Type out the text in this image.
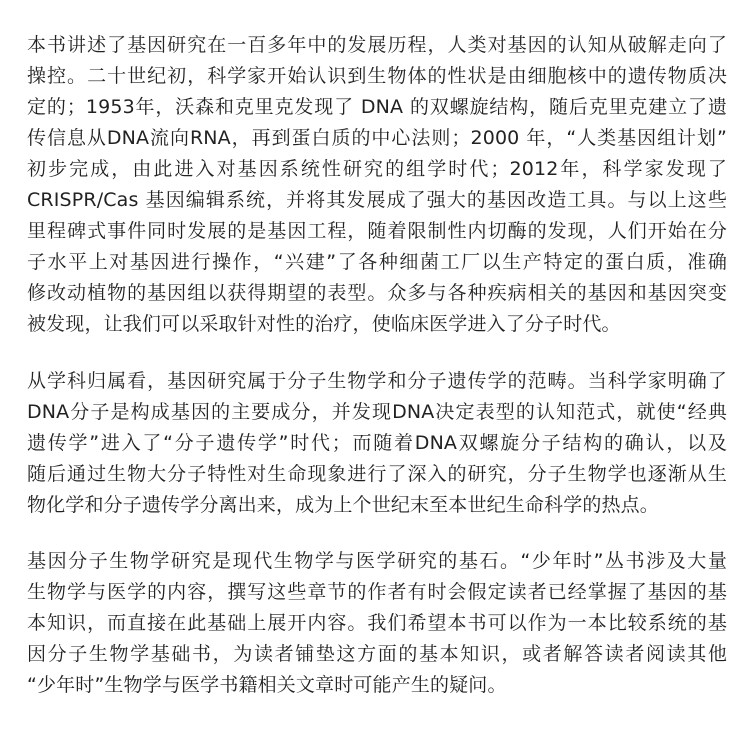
本书讲述了基因研究在一百多年中的发展历程，人类对基因的认知从破解走向了
操控。二十世纪初，科学家开始认识到生物体的性状是由细胞核中的遗传物质决
定的；1953年，沃森和克里克发现了 DNA 的双螺旋结构，随后克里克建立了遗
传信息从DNA流向RNA，再到蛋白质的中心法则；2000 年，“人类基因组计划”
初步完成，由此进入对基因系统性研究的组学时代；2012年，科学家发现了
CRISPR/Cas 基因编辑系统，并将其发展成了强大的基因改造工具。与以上这些
里程碑式事件同时发展的是基因工程，随着限制性内切酶的发现，人们开始在分
子水平上对基因进行操作，“兴建”了各种细菌工厂以生产特定的蛋白质，准确
修改动植物的基因组以获得期望的表型。众多与各种疾病相关的基因和基因突变
被发现，让我们可以采取针对性的治疗，使临床医学进入了分子时代。
从学科归属看，基因研究属于分子生物学和分子遗传学的范畴。当科学家明确了
DNA分子是构成基因的主要成分，并发现DNA决定表型的认知范式，就使“经典
遗传学”进入了“分子遗传学”时代；而随着DNA双螺旋分子结构的确认，以及
随后通过生物大分子特性对生命现象进行了深入的研究，分子生物学也逐渐从生
物化学和分子遗传学分离出来，成为上个世纪末至本世纪生命科学的热点。
基因分子生物学研究是现代生物学与医学研究的基石。“少年时”丛书涉及大量
生物学与医学的内容，撰写这些章节的作者有时会假定读者已经掌握了基因的基
本知识，而直接在此基础上展开内容。我们希望本书可以作为一本比较系统的基
因分子生物学基础书，为读者铺垫这方面的基本知识，或者解答读者阅读其他
“少年时”生物学与医学书籍相关文章时可能产生的疑问。
